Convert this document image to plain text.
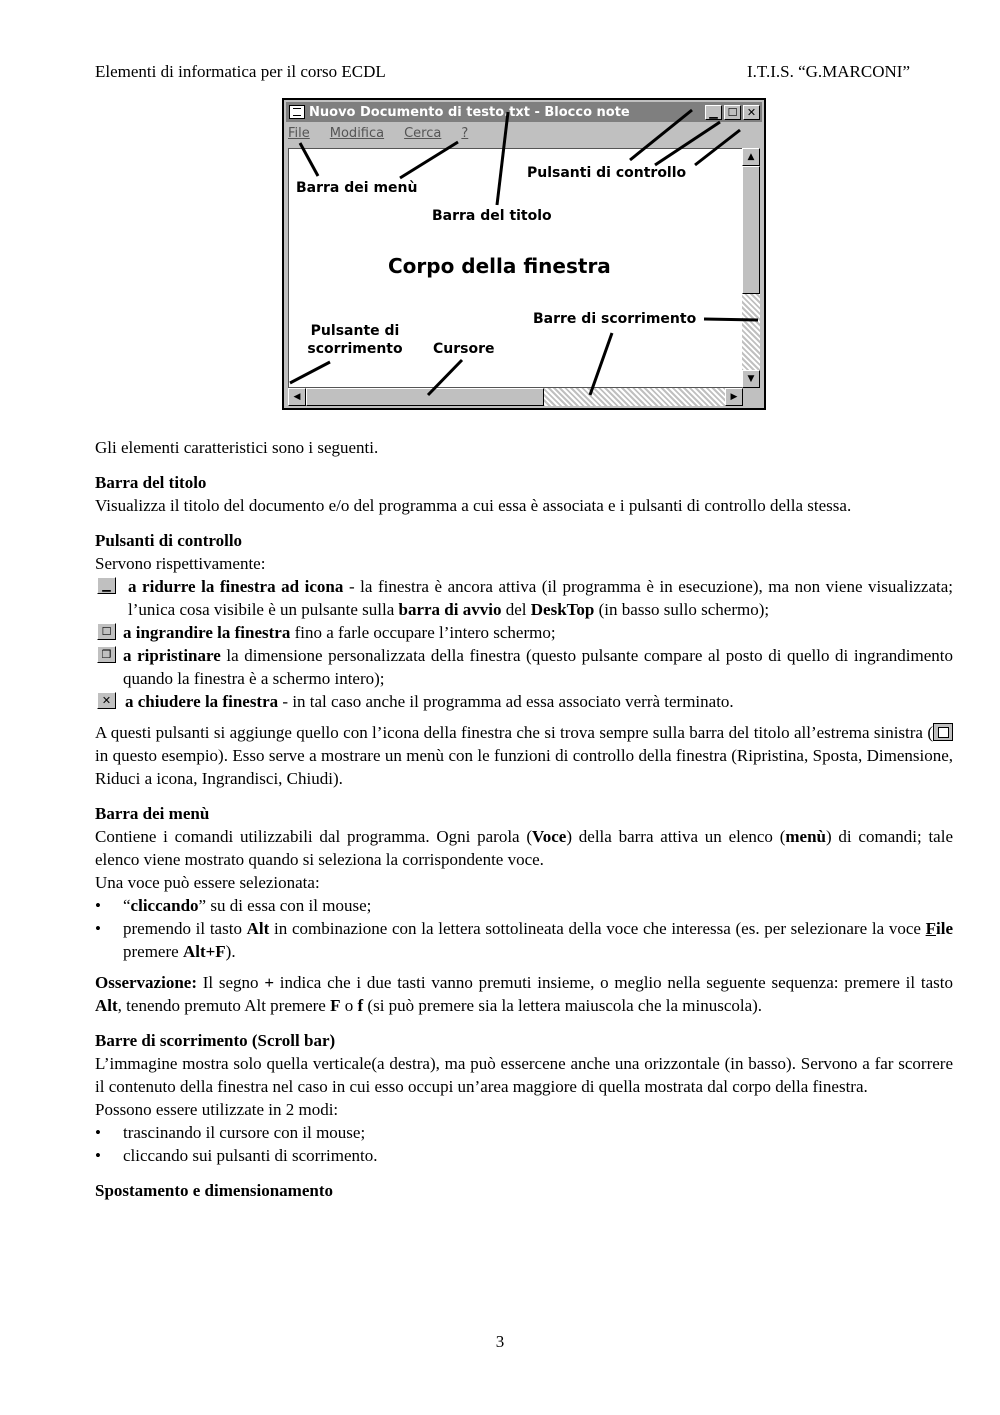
Elementi di informatica per il corso ECDL	I.T.I.S. “G.MARCONI”
Nuovo Documento di testo.txt - Blocco note	▁ ☐ ✕
File Modifica Cerca ?
▲
▼
◀	▶
Barra dei menù
Barra del titolo
Pulsanti di controllo
Corpo della finestra
Barre di scorrimento
Pulsante di
scorrimento Cursore

Gli elementi caratteristici sono i seguenti.

Barra del titolo

Visualizza il titolo del documento e/o del programma a cui essa è associata e i pulsanti di controllo della stessa.

Pulsanti di controllo

Servono rispettivamente:

▁	a ridurre la finestra ad icona - la finestra è ancora attiva (il programma è in esecuzione), ma non viene visualizzata; l’unica cosa visibile è un pulsante sulla barra di avvio del DeskTop (in basso sullo schermo);

☐ a ingrandire la finestra fino a farle occupare l’intero schermo;

❐ a ripristinare la dimensione personalizzata della finestra (questo pulsante compare al posto di quello di ingrandimento quando la finestra è a schermo intero);

✕ a chiudere la finestra - in tal caso anche il programma ad essa associato verrà terminato.

A questi pulsanti si aggiunge quello con l’icona della finestra che si trova sempre sulla barra del titolo all’estrema sinistra ( in questo esempio). Esso serve a mostrare un menù con le funzioni di controllo della finestra (Ripristina, Sposta, Dimensione, Riduci a icona, Ingrandisci, Chiudi).

Barra dei menù

Contiene i comandi utilizzabili dal programma. Ogni parola (Voce) della barra attiva un elenco (menù) di comandi; tale elenco viene mostrato quando si seleziona la corrispondente voce.

Una voce può essere selezionata:

•	“cliccando” su di essa con il mouse;

•	premendo il tasto Alt in combinazione con la lettera sottolineata della voce che interessa (es. per selezionare la voce File premere Alt+F).

Osservazione: Il segno + indica che i due tasti vanno premuti insieme, o meglio nella seguente sequenza: premere il tasto Alt, tenendo premuto Alt premere F o f (si può premere sia la lettera maiuscola che la minuscola).

Barre di scorrimento (Scroll bar)

L’immagine mostra solo quella verticale(a destra), ma può essercene anche una orizzontale (in basso). Servono a far scorrere il contenuto della finestra nel caso in cui esso occupi un’area maggiore di quella mostrata dal corpo della finestra.

Possono essere utilizzate in 2 modi:

•	trascinando il cursore con il mouse;

•	cliccando sui pulsanti di scorrimento.

Spostamento e dimensionamento

3
